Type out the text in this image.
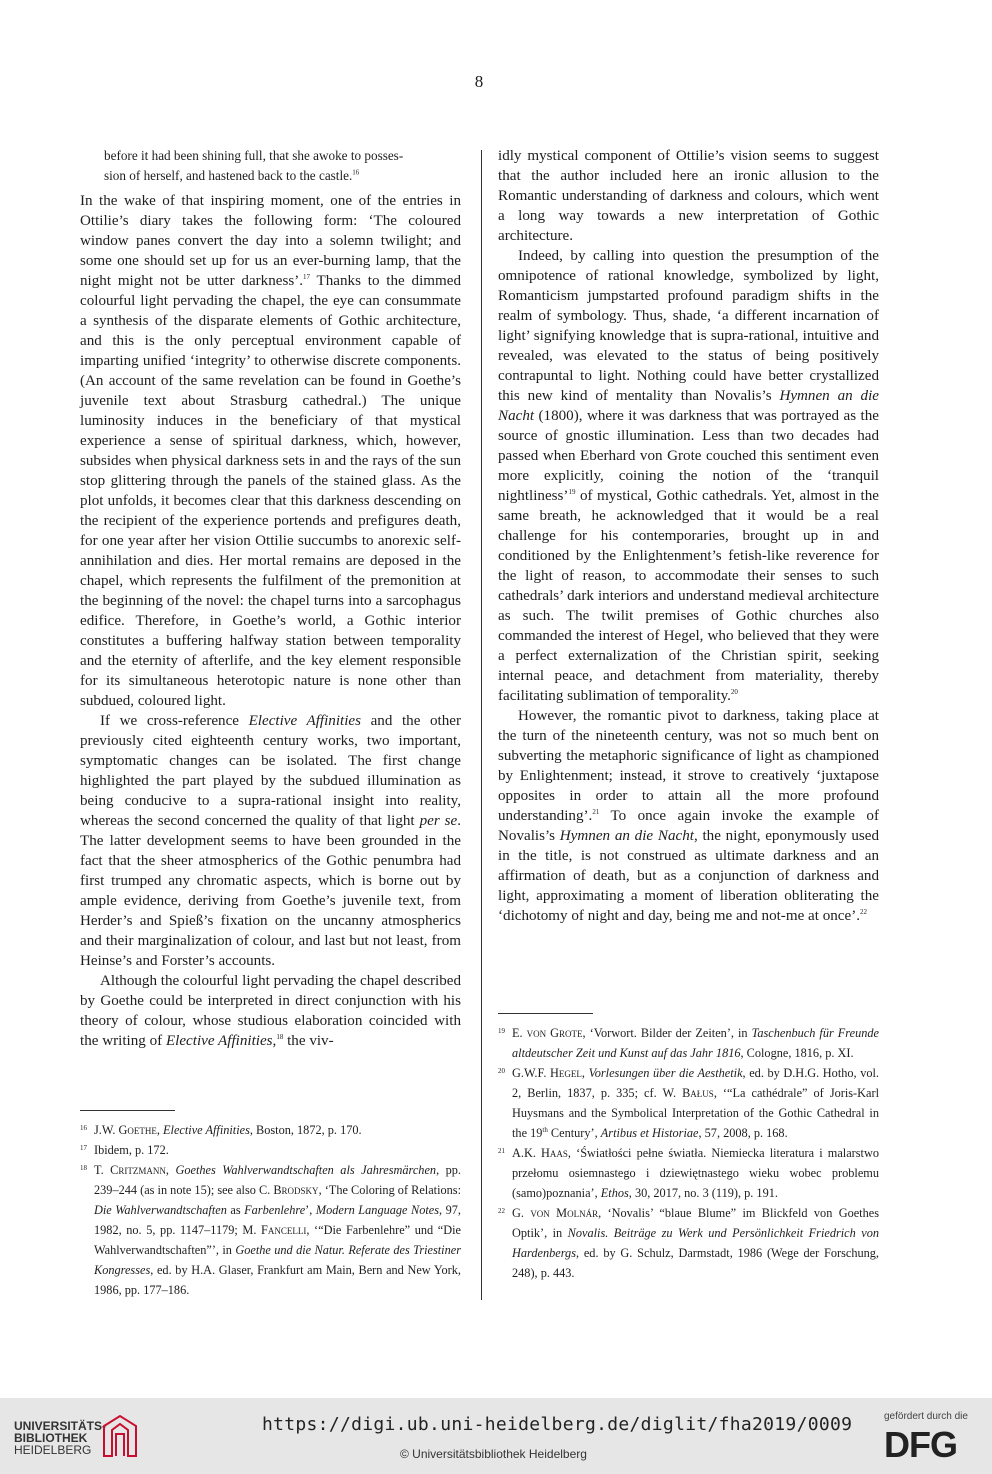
8
before it had been shining full, that she awoke to posses-
sion of herself, and hastened back to the castle.$^{16}$

In the wake of that inspiring moment, one of the entries in Ottilie’s diary takes the following form: ‘The coloured window panes convert the day into a solemn twilight; and some one should set up for us an ever-burning lamp, that the night might not be utter darkness’.$^{17}$ Thanks to the dimmed colourful light pervading the chapel, the eye can consummate a synthesis of the disparate elements of Gothic architecture, and this is the only perceptual environment capable of imparting unified ‘integrity’ to otherwise discrete components. (An account of the same revelation can be found in Goethe’s juvenile text about Strasburg cathedral.) The unique luminosity induces in the beneficiary of that mystical experience a sense of spiritual darkness, which, however, subsides when physical darkness sets in and the rays of the sun stop glittering through the panels of the stained glass. As the plot unfolds, it becomes clear that this darkness descending on the recipient of the experience portends and prefigures death, for one year after her vision Ottilie succumbs to anorexic self-annihilation and dies. Her mortal remains are deposed in the chapel, which represents the fulfilment of the premonition at the beginning of the novel: the chapel turns into a sarcophagus edifice. Therefore, in Goethe’s world, a Gothic interior constitutes a buffering halfway station between temporality and the eternity of afterlife, and the key element responsible for its simultaneous heterotopic nature is none other than subdued, coloured light.

If we cross-reference Elective Affinities and the other previously cited eighteenth century works, two important, symptomatic changes can be isolated. The first change highlighted the part played by the subdued illumination as being conducive to a supra-rational insight into reality, whereas the second concerned the quality of that light per se. The latter development seems to have been grounded in the fact that the sheer atmospherics of the Gothic penumbra had first trumped any chromatic aspects, which is borne out by ample evidence, deriving from Goethe’s juvenile text, from Herder’s and Spieß’s fixation on the uncanny atmospherics and their marginalization of colour, and last but not least, from Heinse’s and Forster’s accounts.

Although the colourful light pervading the chapel described by Goethe could be interpreted in direct conjunction with his theory of colour, whose studious elaboration coincided with the writing of Elective Affinities,$^{18}$ the viv-

idly mystical component of Ottilie’s vision seems to suggest that the author included here an ironic allusion to the Romantic understanding of darkness and colours, which went a long way towards a new interpretation of Gothic architecture.

Indeed, by calling into question the presumption of the omnipotence of rational knowledge, symbolized by light, Romanticism jumpstarted profound paradigm shifts in the realm of symbology. Thus, shade, ‘a different incarnation of light’ signifying knowledge that is supra-rational, intuitive and revealed, was elevated to the status of being positively contrapuntal to light. Nothing could have better crystallized this new kind of mentality than Novalis’s Hymnen an die Nacht (1800), where it was darkness that was portrayed as the source of gnostic illumination. Less than two decades had passed when Eberhard von Grote couched this sentiment even more explicitly, coining the notion of the ‘tranquil nightliness’$^{19}$ of mystical, Gothic cathedrals. Yet, almost in the same breath, he acknowledged that it would be a real challenge for his contemporaries, brought up in and conditioned by the Enlightenment’s fetish-like reverence for the light of reason, to accommodate their senses to such cathedrals’ dark interiors and understand medieval architecture as such. The twilit premises of Gothic churches also commanded the interest of Hegel, who believed that they were a perfect externalization of the Christian spirit, seeking internal peace, and detachment from materiality, thereby facilitating sublimation of temporality.$^{20}$

However, the romantic pivot to darkness, taking place at the turn of the nineteenth century, was not so much bent on subverting the metaphoric significance of light as championed by Enlightenment; instead, it strove to creatively ‘juxtapose opposites in order to attain all the more profound understanding’.$^{21}$ To once again invoke the example of Novalis’s Hymnen an die Nacht, the night, eponymously used in the title, is not construed as ultimate darkness and an affirmation of death, but as a conjunction of darkness and light, approximating a moment of liberation obliterating the ‘dichotomy of night and day, being me and not-me at once’.$^{22}$

16 J.W. Goethe, Elective Affinities, Boston, 1872, p. 170.
17 Ibidem, p. 172.
18 T. Critzmann, Goethes Wahlverwandtschaften als Jahresmärchen, pp. 239–244 (as in note 15); see also C. Brodsky, ‘The Coloring of Relations: Die Wahlverwandtschaften as Farbenlehre’, Modern Language Notes, 97, 1982, no. 5, pp. 1147–1179; M. Fancelli, ‘“Die Farbenlehre” und “Die Wahlverwandtschaften”’, in Goethe und die Natur. Referate des Triestiner Kongresses, ed. by H.A. Glaser, Frankfurt am Main, Bern and New York, 1986, pp. 177–186.
19 E. von Grote, ‘Vorwort. Bilder der Zeiten’, in Taschenbuch für Freunde altdeutscher Zeit und Kunst auf das Jahr 1816, Cologne, 1816, p. XI.
20 G.W.F. Hegel, Vorlesungen über die Aesthetik, ed. by D.H.G. Hotho, vol. 2, Berlin, 1837, p. 335; cf. W. Bałus, ‘“La cathédrale” of Joris-Karl Huysmans and the Symbolical Interpretation of the Gothic Cathedral in the 19th Century’, Artibus et Historiae, 57, 2008, p. 168.
21 A.K. Haas, ‘Światłości pełne światła. Niemiecka literatura i malarstwo przełomu osiemnastego i dziewiętnastego wieku wobec problemu (samo)poznania’, Ethos, 30, 2017, no. 3 (119), p. 191.
22 G. von Molnár, ‘Novalis’ “blaue Blume” im Blickfeld von Goethes Optik’, in Novalis. Beiträge zu Werk und Persönlichkeit Friedrich von Hardenbergs, ed. by G. Schulz, Darmstadt, 1986 (Wege der Forschung, 248), p. 443.
UNIVERSITÄTS-
BIBLIOTHEK
HEIDELBERG
https://digi.ub.uni-heidelberg.de/diglit/fha2019/0009
© Universitätsbibliothek Heidelberg
gefördert durch die
DFG
